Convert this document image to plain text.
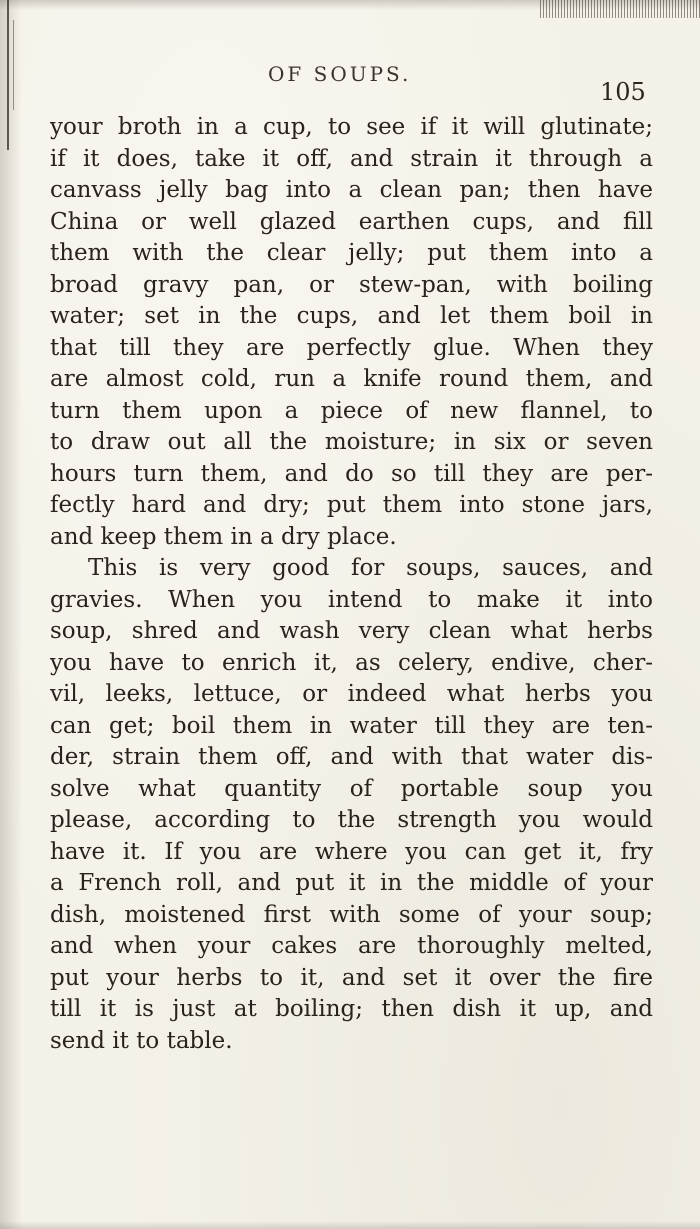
OF SOUPS.
105
your broth in a cup, to see if it will glutinate;
if it does, take it off, and strain it through a
canvass jelly bag into a clean pan; then have
China or well glazed earthen cups, and fill
them with the clear jelly; put them into a
broad gravy pan, or stew-pan, with boiling
water; set in the cups, and let them boil in
that till they are perfectly glue. When they
are almost cold, run a knife round them, and
turn them upon a piece of new flannel, to
to draw out all the moisture; in six or seven
hours turn them, and do so till they are per-
fectly hard and dry; put them into stone jars,
and keep them in a dry place.
This is very good for soups, sauces, and
gravies. When you intend to make it into
soup, shred and wash very clean what herbs
you have to enrich it, as celery, endive, cher-
vil, leeks, lettuce, or indeed what herbs you
can get; boil them in water till they are ten-
der, strain them off, and with that water dis-
solve what quantity of portable soup you
please, according to the strength you would
have it. If you are where you can get it, fry
a French roll, and put it in the middle of your
dish, moistened first with some of your soup;
and when your cakes are thoroughly melted,
put your herbs to it, and set it over the fire
till it is just at boiling; then dish it up, and
send it to table.
